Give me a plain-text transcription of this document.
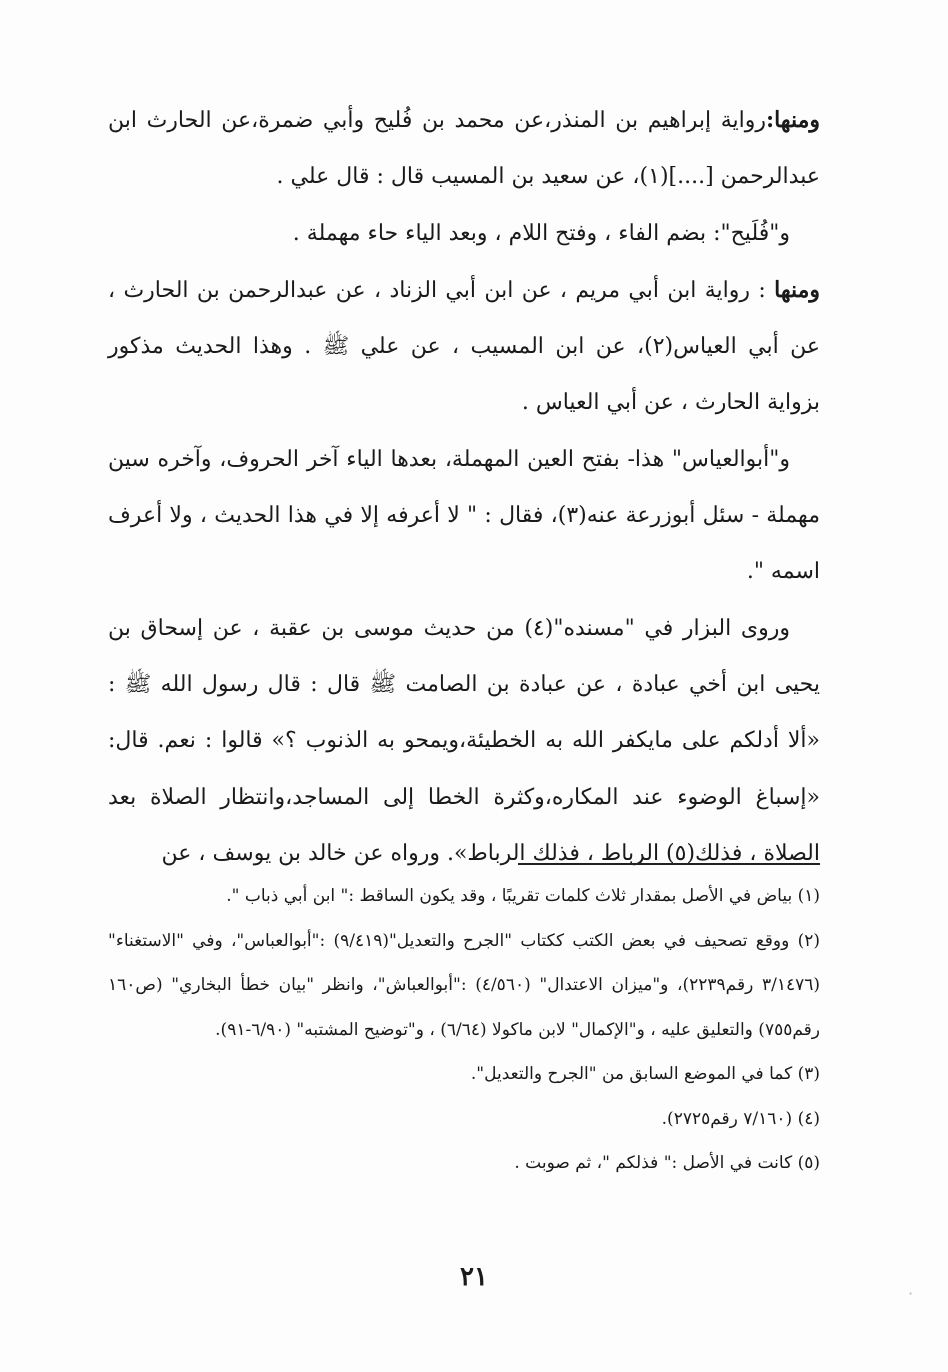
ومنها:رواية إبراهيم بن المنذر،عن محمد بن فُليح وأبي ضمرة،عن الحارث ابن عبدالرحمن [....](١)، عن سعيد بن المسيب قال : قال علي .

و"فُلَيح": بضم الفاء ، وفتح اللام ، وبعد الياء حاء مهملة .

ومنها : رواية ابن أبي مريم ، عن ابن أبي الزناد ، عن عبدالرحمن بن الحارث ، عن أبي العياس(٢)، عن ابن المسيب ، عن علي ﷺ . وهذا الحديث مذكور بزواية الحارث ، عن أبي العياس .

و"أبوالعياس" هذا- بفتح العين المهملة، بعدها الياء آخر الحروف، وآخره سين مهملة - سئل أبوزرعة عنه(٣)، فقال : " لا أعرفه إلا في هذا الحديث ، ولا أعرف اسمه ".

وروى البزار في "مسنده"(٤) من حديث موسى بن عقبة ، عن إسحاق بن يحيى ابن أخي عبادة ، عن عبادة بن الصامت ﷺ قال : قال رسول الله ﷺ : «ألا أدلكم على مايكفر الله به الخطيئة،ويمحو به الذنوب ؟» قالوا : نعم. قال: «إسباغ الوضوء عند المكاره،وكثرة الخطا إلى المساجد،وانتظار الصلاة بعد الصلاة ، فذلك(٥) الرباط ، فذلك الرباط». ورواه عن خالد بن يوسف ، عن

(١) بياض في الأصل بمقدار ثلاث كلمات تقريبًا ، وقد يكون الساقط :" ابن أبي ذباب ".

(٢) ووقع تصحيف في بعض الكتب ككتاب "الجرح والتعديل"(٩/٤١٩) :"أبوالعباس"، وفي "الاستغناء" (٣/١٤٧٦ رقم٢٢٣٩)، و"ميزان الاعتدال" (٤/٥٦٠) :"أبوالعباش"، وانظر "بيان خطأ البخاري" (ص١٦٠ رقم٧٥٥) والتعليق عليه ، و"الإكمال" لابن ماكولا (٦/٦٤) ، و"توضيح المشتبه" (٦/٩٠-٩١).

(٣) كما في الموضع السابق من "الجرح والتعديل".

(٤) (٧/١٦٠ رقم٢٧٢٥).

(٥) كانت في الأصل :" فذلكم "، ثم صوبت .

٢١
·
